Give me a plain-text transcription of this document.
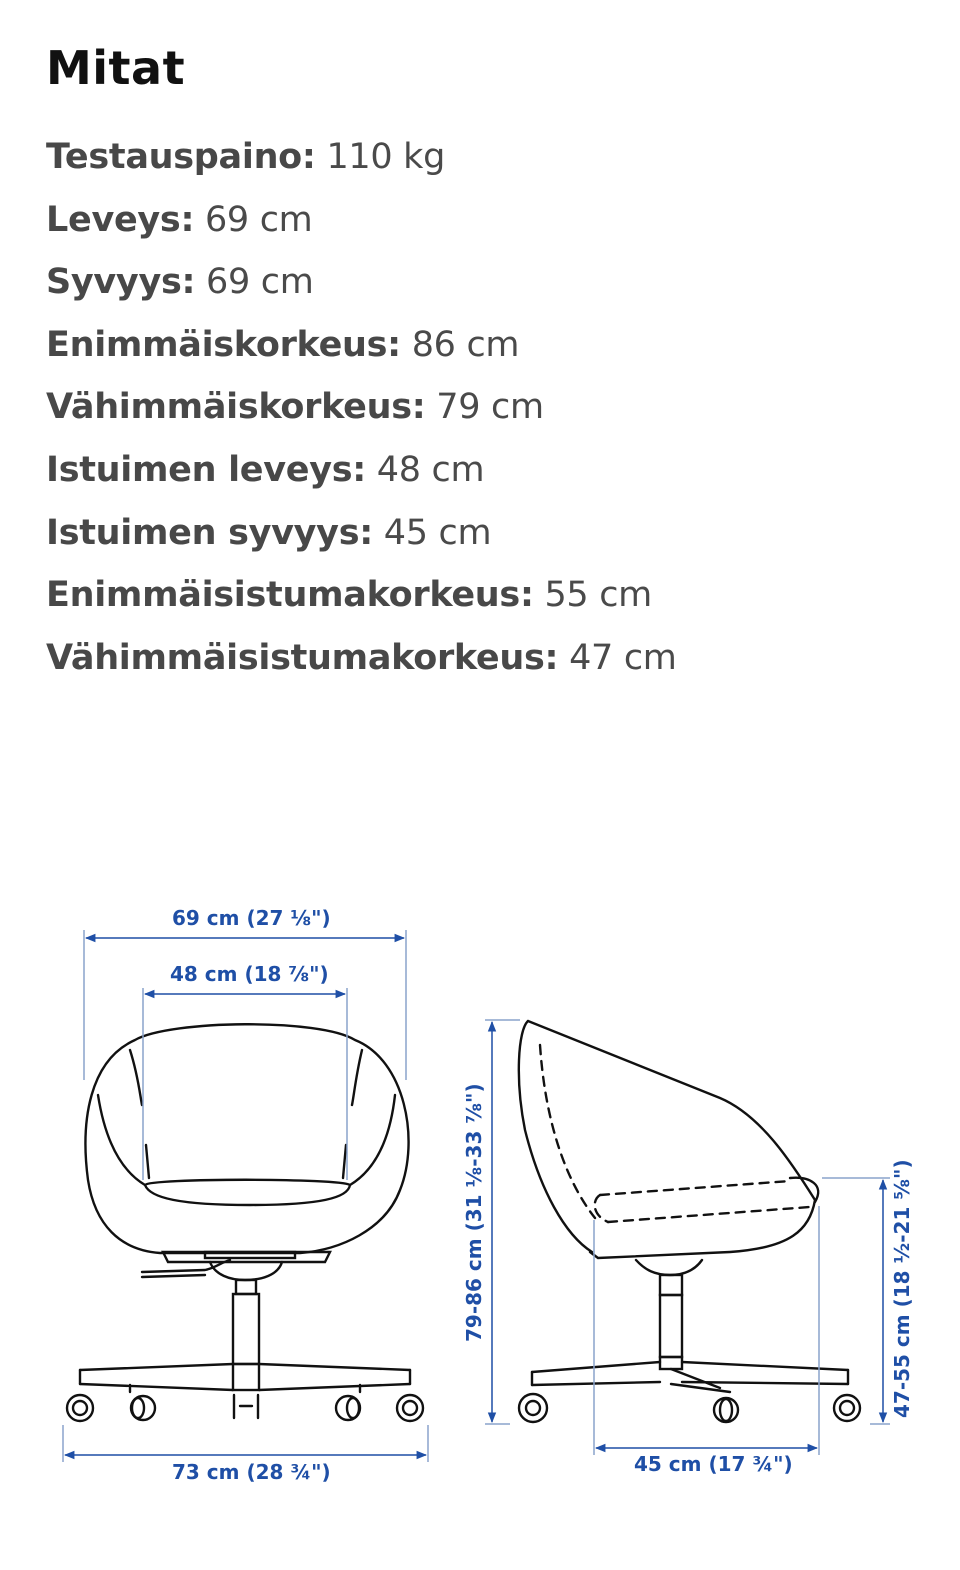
Mitat
Testauspaino: 110 kg
Leveys: 69 cm
Syvyys: 69 cm
Enimmäiskorkeus: 86 cm
Vähimmäiskorkeus: 79 cm
Istuimen leveys: 48 cm
Istuimen syvyys: 45 cm
Enimmäisistumakorkeus: 55 cm
Vähimmäisistumakorkeus: 47 cm
69 cm (27 ⅛")
48 cm (18 ⅞")
73 cm (28 ¾")
79-86 cm (31 ⅛-33 ⅞")	47-55 cm (18 ½-21 ⅝")
45 cm (17 ¾")
